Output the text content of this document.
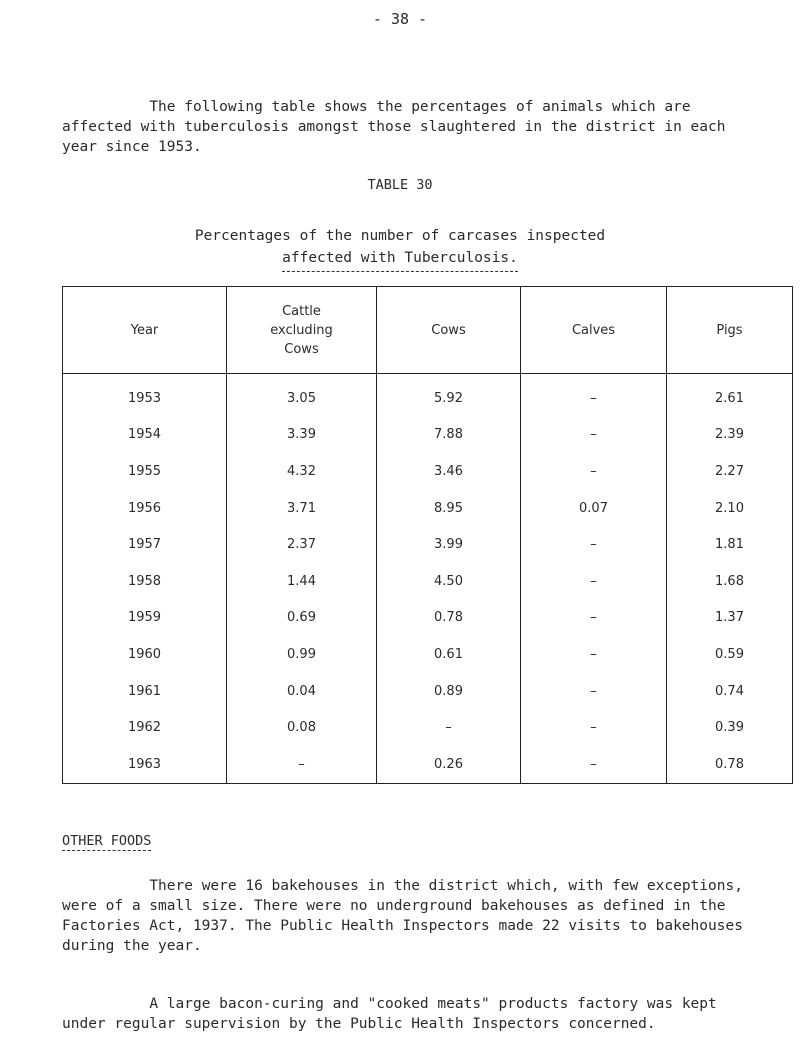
- 38 -
The following table shows the percentages of animals which are
affected with tuberculosis amongst those slaughtered in the district in each
year since 1953.
TABLE 30
Percentages of the number of carcases inspected
affected with Tuberculosis.
Year	Cattle
excluding
Cows	Cows	Calves	Pigs
1953	3.05	5.92	–	2.61
1954	3.39	7.88	–	2.39
1955	4.32	3.46	–	2.27
1956	3.71	8.95	0.07	2.10
1957	2.37	3.99	–	1.81
1958	1.44	4.50	–	1.68
1959	0.69	0.78	–	1.37
1960	0.99	0.61	–	0.59
1961	0.04	0.89	–	0.74
1962	0.08	–	–	0.39
1963	–	0.26	–	0.78
OTHER FOODS
There were 16 bakehouses in the district which, with few exceptions,
were of a small size. There were no underground bakehouses as defined in the
Factories Act, 1937. The Public Health Inspectors made 22 visits to bakehouses
during the year.
A large bacon-curing and "cooked meats" products factory was kept
under regular supervision by the Public Health Inspectors concerned.
